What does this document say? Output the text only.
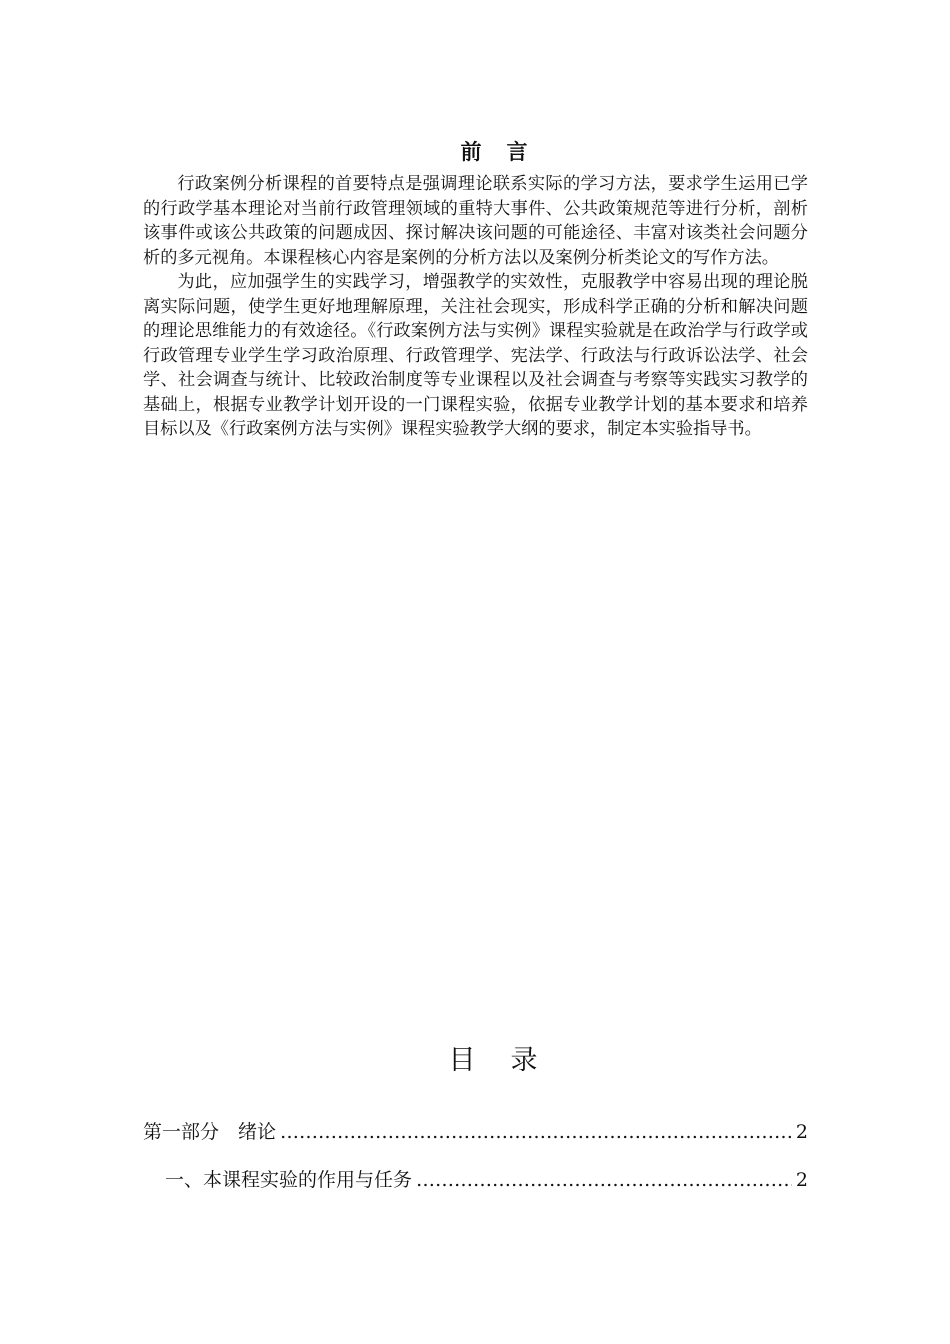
前　言

行政案例分析课程的首要特点是强调理论联系实际的学习方法，要求学生运用已学的行政学基本理论对当前行政管理领域的重特大事件、公共政策规范等进行分析，剖析该事件或该公共政策的问题成因、探讨解决该问题的可能途径、丰富对该类社会问题分析的多元视角。本课程核心内容是案例的分析方法以及案例分析类论文的写作方法。

为此，应加强学生的实践学习，增强教学的实效性，克服教学中容易出现的理论脱离实际问题，使学生更好地理解原理，关注社会现实，形成科学正确的分析和解决问题的理论思维能力的有效途径。《行政案例方法与实例》课程实验就是在政治学与行政学或行政管理专业学生学习政治原理、行政管理学、宪法学、行政法与行政诉讼法学、社会学、社会调查与统计、比较政治制度等专业课程以及社会调查与考察等实践实习教学的基础上，根据专业教学计划开设的一门课程实验，依据专业教学计划的基本要求和培养目标以及《行政案例方法与实例》课程实验教学大纲的要求，制定本实验指导书。

目　录
第一部分　绪论 ……………………………………………………………………………………………………………………	2
一、本课程实验的作用与任务 ……………………………………………………………………………………………………………………	2
